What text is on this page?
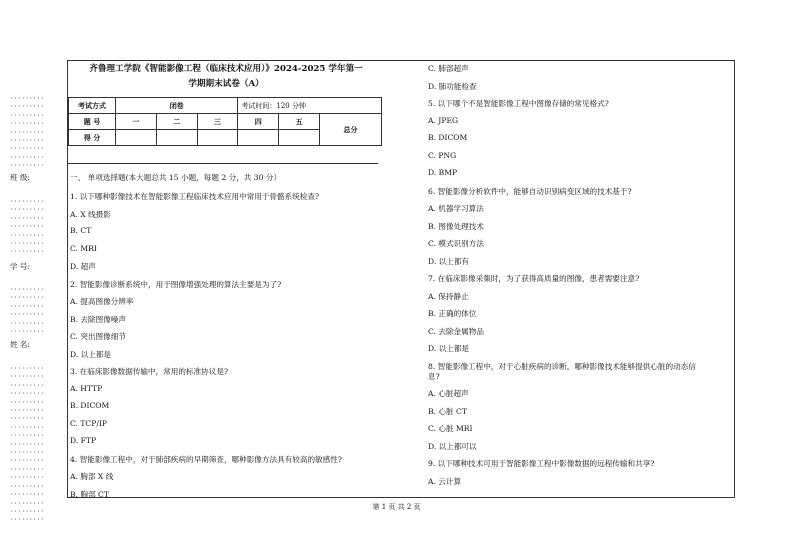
·········
·········
·········
·········
·········
·········
·········
·········
·········
班 级:
·········
·········
·········
·········
·········
·········
·········
学 号:
·········
·········
·········
·········
·········
·········
姓 名:
·········
·········
·········
·········
·········
·········
·········
·········
·········
·········
·········
·········
·········
·········
·········
·········
·········
·········
·········
齐鲁理工学院《智能影像工程（临床技术应用）》2024-2025 学年第一
学期期末试卷（A）
考试方式	闭卷			考试时间：120 分钟		
题 号	一	二	三	四	五	总分
得 分						
一、 单项选择题(本大题总共 15 小题，每题 2 分，共 30 分）
1. 以下哪种影像技术在智能影像工程临床技术应用中常用于骨骼系统检查?
A. X 线摄影
B. CT
C. MRI
D. 超声
2. 智能影像诊断系统中，用于图像增强处理的算法主要是为了?
A. 提高图像分辨率
B. 去除图像噪声
C. 突出图像细节
D. 以上都是
3. 在临床影像数据传输中，常用的标准协议是?
A. HTTP
B. DICOM
C. TCP/IP
D. FTP
4. 智能影像工程中，对于肺部疾病的早期筛查，哪种影像方法具有较高的敏感性?
A. 胸部 X 线
B. 胸部 CT
C. 肺部超声
D. 肺功能检查
5. 以下哪个不是智能影像工程中图像存储的常见格式?
A. JPEG
B. DICOM
C. PNG
D. BMP
6. 智能影像分析软件中，能够自动识别病变区域的技术基于?
A. 机器学习算法
B. 图像处理技术
C. 模式识别方法
D. 以上都有
7. 在临床影像采集时，为了获得高质量的图像，患者需要注意?
A. 保持静止
B. 正确的体位
C. 去除金属物品
D. 以上都是
8. 智能影像工程中，对于心脏疾病的诊断，哪种影像技术能够提供心脏的动态信
息?
A. 心脏超声
B. 心脏 CT
C. 心脏 MRI
D. 以上都可以
9. 以下哪种技术可用于智能影像工程中影像数据的远程传输和共享?
A. 云计算
第 1 页 共 2 页
